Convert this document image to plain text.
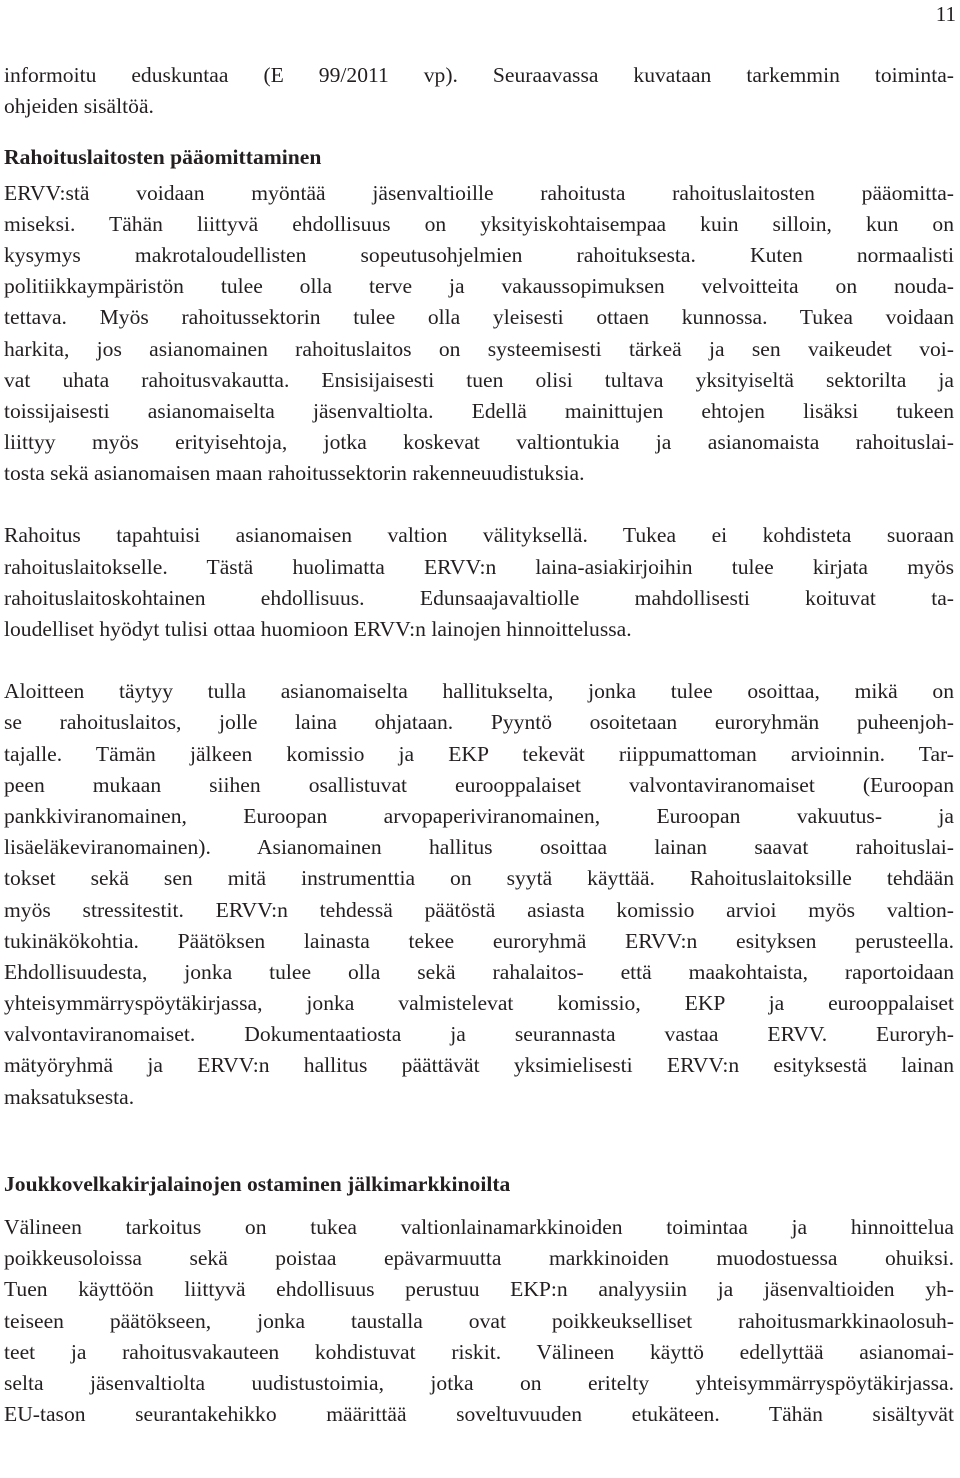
11
informoitu eduskuntaa (E 99/2011 vp). Seuraavassa kuvataan tarkemmin toiminta-
ohjeiden sisältöä.
Rahoituslaitosten pääomittaminen
ERVV:stä voidaan myöntää jäsenvaltioille rahoitusta rahoituslaitosten pääomitta-
miseksi. Tähän liittyvä ehdollisuus on yksityiskohtaisempaa kuin silloin, kun on
kysymys makrotaloudellisten sopeutusohjelmien rahoituksesta. Kuten normaalisti
politiikkaympäristön tulee olla terve ja vakaussopimuksen velvoitteita on nouda-
tettava. Myös rahoitussektorin tulee olla yleisesti ottaen kunnossa. Tukea voidaan
harkita, jos asianomainen rahoituslaitos on systeemisesti tärkeä ja sen vaikeudet voi-
vat uhata rahoitusvakautta. Ensisijaisesti tuen olisi tultava yksityiseltä sektorilta ja
toissijaisesti asianomaiselta jäsenvaltiolta. Edellä mainittujen ehtojen lisäksi tukeen
liittyy myös erityisehtoja, jotka koskevat valtiontukia ja asianomaista rahoituslai-
tosta sekä asianomaisen maan rahoitussektorin rakenneuudistuksia.
Rahoitus tapahtuisi asianomaisen valtion välityksellä. Tukea ei kohdisteta suoraan
rahoituslaitokselle. Tästä huolimatta ERVV:n laina-asiakirjoihin tulee kirjata myös
rahoituslaitoskohtainen ehdollisuus. Edunsaajavaltiolle mahdollisesti koituvat ta-
loudelliset hyödyt tulisi ottaa huomioon ERVV:n lainojen hinnoittelussa.
Aloitteen täytyy tulla asianomaiselta hallitukselta, jonka tulee osoittaa, mikä on
se rahoituslaitos, jolle laina ohjataan. Pyyntö osoitetaan euroryhmän puheenjoh-
tajalle. Tämän jälkeen komissio ja EKP tekevät riippumattoman arvioinnin. Tar-
peen mukaan siihen osallistuvat eurooppalaiset valvontaviranomaiset (Euroopan
pankkiviranomainen, Euroopan arvopaperiviranomainen, Euroopan vakuutus- ja
lisäeläkeviranomainen). Asianomainen hallitus osoittaa lainan saavat rahoituslai-
tokset sekä sen mitä instrumenttia on syytä käyttää. Rahoituslaitoksille tehdään
myös stressitestit. ERVV:n tehdessä päätöstä asiasta komissio arvioi myös valtion-
tukinäkökohtia. Päätöksen lainasta tekee euroryhmä ERVV:n esityksen perusteella.
Ehdollisuudesta, jonka tulee olla sekä rahalaitos- että maakohtaista, raportoidaan
yhteisymmärryspöytäkirjassa, jonka valmistelevat komissio, EKP ja eurooppalaiset
valvontaviranomaiset. Dokumentaatiosta ja seurannasta vastaa ERVV. Euroryh-
mätyöryhmä ja ERVV:n hallitus päättävät yksimielisesti ERVV:n esityksestä lainan
maksatuksesta.
Joukkovelkakirjalainojen ostaminen jälkimarkkinoilta
Välineen tarkoitus on tukea valtionlainamarkkinoiden toimintaa ja hinnoittelua
poikkeusoloissa sekä poistaa epävarmuutta markkinoiden muodostuessa ohuiksi.
Tuen käyttöön liittyvä ehdollisuus perustuu EKP:n analyysiin ja jäsenvaltioiden yh-
teiseen päätökseen, jonka taustalla ovat poikkeukselliset rahoitusmarkkinaolosuh-
teet ja rahoitusvakauteen kohdistuvat riskit. Välineen käyttö edellyttää asianomai-
selta jäsenvaltiolta uudistustoimia, jotka on eritelty yhteisymmärryspöytäkirjassa.
EU-tason seurantakehikko määrittää soveltuvuuden etukäteen. Tähän sisältyvät
